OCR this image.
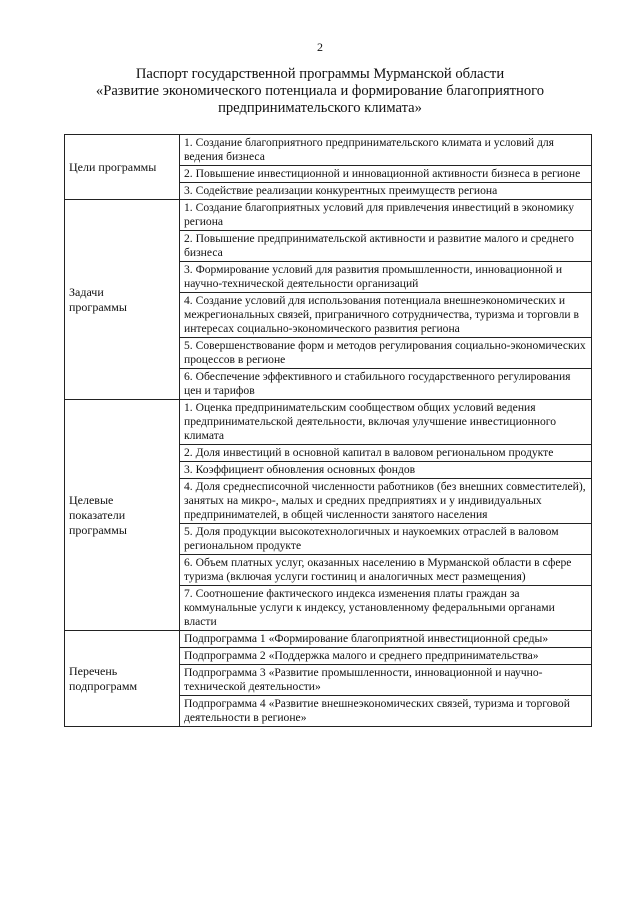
2
Паспорт государственной программы Мурманской области
«Развитие экономического потенциала и формирование благоприятного
предпринимательского климата»
Цели программы	1. Создание благоприятного предпринимательского климата и условий для ведения бизнеса
	2. Повышение инвестиционной и инновационной активности бизнеса в регионе
	3. Содействие реализации конкурентных преимуществ региона

Задачи
программы	1. Создание благоприятных условий для привлечения инвестиций в экономику региона
	2. Повышение предпринимательской активности и развитие малого и среднего бизнеса
	3. Формирование условий для развития промышленности, инновационной и научно-технической деятельности организаций
	4. Создание условий для использования потенциала внешнеэкономических и межрегиональных связей, приграничного сотрудничества, туризма и торговли в интересах социально-экономического развития региона
	5. Совершенствование форм и методов регулирования социально-экономических процессов в регионе
	6. Обеспечение эффективного и стабильного государственного регулирования цен и тарифов

Целевые
показатели
программы	1. Оценка предпринимательским сообществом общих условий ведения предпринимательской деятельности, включая улучшение инвестиционного климата
	2. Доля инвестиций в основной капитал в валовом региональном продукте
	3. Коэффициент обновления основных фондов
	4. Доля среднесписочной численности работников (без внешних совместителей), занятых на микро-, малых и средних предприятиях и у индивидуальных предпринимателей, в общей численности занятого населения
	5. Доля продукции высокотехнологичных и наукоемких отраслей в валовом региональном продукте
	6. Объем платных услуг, оказанных населению в Мурманской области в сфере туризма (включая услуги гостиниц и аналогичных мест размещения)
	7. Соотношение фактического индекса изменения платы граждан за коммунальные услуги к индексу, установленному федеральными органами власти

Перечень
подпрограмм	Подпрограмма 1 «Формирование благоприятной инвестиционной среды»
	Подпрограмма 2 «Поддержка малого и среднего предпринимательства»
	Подпрограмма 3 «Развитие промышленности, инновационной и научно-технической деятельности»
	Подпрограмма 4 «Развитие внешнеэкономических связей, туризма и торговой деятельности в регионе»
